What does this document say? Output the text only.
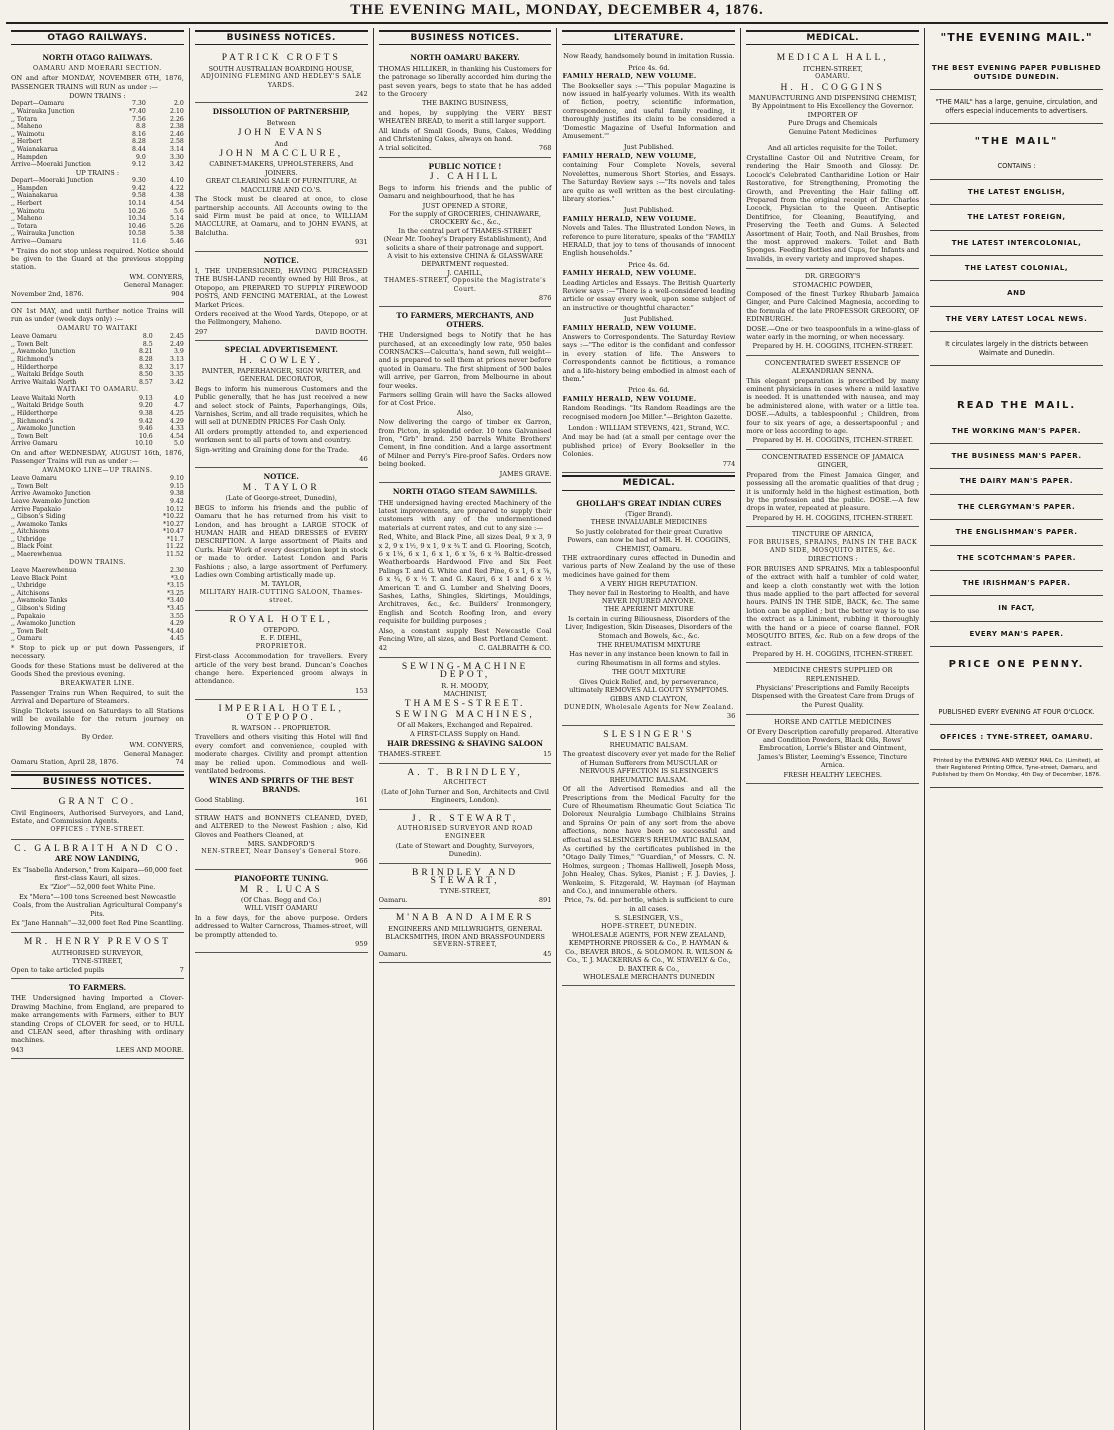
THE EVENING MAIL, MONDAY, DECEMBER 4, 1876.
OTAGO RAILWAYS.
NORTH OTAGO RAILWAYS.
OAMARU AND MOERARI SECTION.

ON and after MONDAY, NOVEMBER 6TH, 1876, PASSENGER TRAINS will RUN as under :—

DOWN TRAINS :
Depart—Oamaru	7.30	2.0
,, Wairauka Junction	*7.40	2.10
,, Totara	7.56	2.26
,, Maheno	8.8	2.38
,, Waimotu	8.16	2.46
,, Herbert	8.28	2.58
,, Waianakarua	8.44	3.14
,, Hampden	9.0	3.30
Arrive—Moeraki Junction	9.12	3.42
UP TRAINS :
Depart—Moeraki Junction	9.30	4.10
,, Hampden	9.42	4.22
,, Waianakarua	9.58	4.38
,, Herbert	10.14	4.54
,, Waimotu	10.26	5.6
,, Maheno	10.34	5.14
,, Totara	10.46	5.26
,, Wairauka Junction	10.58	5.38
Arrive—Oamaru	11.6	5.46

* Trains do not stop unless required. Notice should be given to the Guard at the previous stopping station.

WM. CONYERS,
General Manager.
November 2nd, 1876.	904

ON 1st MAY, and until further notice Trains will run as under (week days only) :—

OAMARU TO WAITAKI
Leave Oamaru	8.0	2.45
,, Town Belt	8.5	2.49
,, Awamoko Junction	8.21	3.9
,, Richmond's	8.28	3.13
,, Hilderthorpe	8.32	3.17
,, Waitaki Bridge South	8.50	3.35
Arrive Waitaki North	8.57	3.42
WAITAKI TO OAMARU.
Leave Waitaki North	9.13	4.0
,, Waitaki Bridge South	9.20	4.7
,, Hilderthorpe	9.38	4.25
,, Richmond's	9.42	4.29
,, Awamoko Junction	9.46	4.33
,, Town Belt	10.6	4.54
Arrive Oamaru	10.10	5.0

On and after WEDNESDAY, AUGUST 16th, 1876, Passenger Trains will run as under :—

AWAMOKO LINE—UP TRAINS.
Leave Oamaru	9.10
,, Town Belt	9.15
Arrive Awamoko Junction	9.38
Leave Awamoko Junction	9.42
Arrive Papakaio	10.12
,, Gibson's Siding	*10.22
,, Awamoko Tanks	*10.27
,, Aitchisons	*10.47
,, Uxbridge	*11.7
,, Black Point	11.22
,, Maerewhenua	11.52
DOWN TRAINS.
Leave Maerewhenua	2.30
Leave Black Point	*3.0
,, Uxbridge	*3.15
,, Aitchisons	*3.25
,, Awamoko Tanks	*3.40
,, Gibson's Siding	*3.45
,, Papakaio	3.55
,, Awamoko Junction	4.29
,, Town Belt	*4.40
,, Oamaru	4.45

* Stop to pick up or put down Passengers, if necessary.

Goods for these Stations must be delivered at the Goods Shed the previous evening.

BREAKWATER LINE.

Passenger Trains run When Required, to suit the Arrival and Departure of Steamers.

Single Tickets issued on Saturdays to all Stations will be available for the return journey on following Mondays.

By Order.
WM. CONYERS,
General Manager.
Oamaru Station, April 28, 1876.	74
BUSINESS NOTICES.
GRANT CO.

Civil Engineers, Authorised Surveyors, and Land, Estate, and Commission Agents.

OFFICES : TYNE-STREET.
C. GALBRAITH AND CO.
ARE NOW LANDING,

Ex "Isabella Anderson," from Kaipara—60,000 feet first-class Kauri, all sizes.

Ex "Zior"—52,000 feet White Pine.

Ex "Mera"—100 tons Screened best Newcastle Coals, from the Australian Agricultural Company's Pits.

Ex "Jane Hannah"—32,000 feet Red Pine Scantling.

MR. HENRY PREVOST
AUTHORISED SURVEYOR,
TYNE-STREET,
Open to take articled pupils	7
TO FARMERS.

THE Undersigned having Imported a Clover-Drawing Machine, from England, are prepared to make arrangements with Farmers, either to BUY standing Crops of CLOVER for seed, or to HULL and CLEAN seed, after thrashing with ordinary machines.

943	LEES AND MOORE.
BUSINESS NOTICES.
PATRICK CROFTS
SOUTH AUSTRALIAN BOARDING HOUSE,
ADJOINING FLEMING AND HEDLEY'S SALE YARDS.
242
DISSOLUTION OF PARTNERSHIP,
Between
JOHN EVANS
And
JOHN MACCLURE,
CABINET-MAKERS, UPHOLSTERERS, And JOINERS.
GREAT CLEARING SALE Of FURNITURE, At MACCLURE AND CO.'S.

The Stock must be cleared at once, to close partnership accounts. All Accounts owing to the said Firm must be paid at once, to WILLIAM MACCLURE, at Oamaru, and to JOHN EVANS, at Balclutha.

931
NOTICE.

I, THE UNDERSIGNED, HAVING PURCHASED THE BUSH-LAND recently owned by Hill Bros., at Otepopo, am PREPARED TO SUPPLY FIREWOOD POSTS, AND FENCING MATERIAL, at the Lowest Market Prices.

Orders received at the Wood Yards, Otepopo, or at the Fellmongery, Maheno.

297	DAVID BOOTH.
SPECIAL ADVERTISEMENT.
H. COWLEY.
PAINTER, PAPERHANGER, SIGN WRITER, and GENERAL DECORATOR,

Begs to inform his numerous Customers and the Public generally, that he has just received a new and select stock of Paints, Paperhangings, Oils, Varnishes, Scrim, and all trade requisites, which he will sell at DUNEDIN PRICES For Cash Only.

All orders promptly attended to, and experienced workmen sent to all parts of town and country.

Sign-writing and Graining done for the Trade.

46
NOTICE.
M. TAYLOR
(Late of George-street, Dunedin),

BEGS to inform his friends and the public of Oamaru that he has returned from his visit to London, and has brought a LARGE STOCK of HUMAN HAIR and HEAD DRESSES of EVERY DESCRIPTION. A large assortment of Plaits and Curls. Hair Work of every description kept in stock or made to order. Latest London and Paris Fashions ; also, a large assortment of Perfumery. Ladies own Combing artistically made up.

M. TAYLOR,
MILITARY HAIR-CUTTING SALOON, Thames-street.
ROYAL HOTEL,
OTEPOPO.
E. F. DIEHL,
PROPRIETOR.

First-class Accommodation for travellers. Every article of the very best brand. Duncan's Coaches change here. Experienced groom always in attendance.

153
IMPERIAL HOTEL, OTEPOPO.
R. WATSON - - PROPRIETOR.

Travellers and others visiting this Hotel will find every comfort and convenience, coupled with moderate charges. Civility and prompt attention may be relied upon. Commodious and well-ventilated bedrooms.

WINES AND SPIRITS OF THE BEST BRANDS.
Good Stabling.	161

STRAW HATS and BONNETS CLEANED, DYED, and ALTERED to the Newest Fashion ; also, Kid Gloves and Feathers Cleaned, at

MRS. SANDFORD'S
NEN-STREET, Near Dansey's General Store.
966
PIANOFORTE TUNING.
M R. LUCAS
(Of Chas. Begg and Co.)
WILL VISIT OAMARU

In a few days, for the above purpose. Orders addressed to Walter Carncross, Thames-street, will be promptly attended to.

959
BUSINESS NOTICES.
NORTH OAMARU BAKERY.

THOMAS HILLIKER, in thanking his Customers for the patronage so liberally accorded him during the past seven years, begs to state that he has added to the Grocery

THE BAKING BUSINESS,

and hopes, by supplying the VERY BEST WHEATEN BREAD, to merit a still larger support.

All kinds of Small Goods, Buns, Cakes, Wedding and Christening Cakes, always on hand.

A trial solicited.	768
PUBLIC NOTICE !
J. CAHILL

Begs to inform his friends and the public of Oamaru and neighbourhood, that he has

JUST OPENED A STORE,
For the supply of GROCERIES, CHINAWARE, CROCKERY &c., &c.,
In the central part of THAMES-STREET
(Near Mr. Toohey's Drapery Establishment), And solicits a share of their patronage and support.
A visit to his extensive CHINA & GLASSWARE DEPARTMENT requested.
J. CAHILL,
THAMES-STREET, Opposite the Magistrate's Court.
876
TO FARMERS, MERCHANTS, AND OTHERS.

THE Undersigned begs to Notify that he has purchased, at an exceedingly low rate, 950 bales CORNSACKS—Calcutta's, hand sewn, full weight—and is prepared to sell them at prices never before quoted in Oamaru. The first shipment of 500 bales will arrive, per Garron, from Melbourne in about four weeks.

Farmers selling Grain will have the Sacks allowed for at Cost Price.

Also,

Now delivering the cargo of timber ex Garron, from Picton, in splendid order. 10 tons Galvanised Iron, "Grb" brand. 250 barrels White Brothers' Cement, in fine condition. And a large assortment of Milner and Perry's Fire-proof Safes. Orders now being booked.

JAMES GRAVE.
NORTH OTAGO STEAM SAWMILLS.

THE undersigned having erected Machinery of the latest improvements, are prepared to supply their customers with any of the undermentioned materials at current rates, and cut to any size :—

Red, White, and Black Pine, all sizes Deal, 9 x 3, 9 x 2, 9 x 1½, 9 x 1, 9 x ¾ T. and G. Flooring, Scotch, 6 x 1⅛, 6 x 1, 6 x 1, 6 x ⅞, 6 x ¾ Baltic-dressed Weatherboards Hardwood Five and Six Feet Palings T. and G. White and Red Pine, 6 x 1, 6 x ⅞, 6 x ¾, 6 x ½ T. and G. Kauri, 6 x 1 and 6 x ½ American T. and G. Lumber and Shelving Doors, Sashes, Laths, Shingles, Skirtings, Mouldings, Architraves, &c., &c. Builders' Ironmongery, English and Scotch Roofing Iron, and every requisite for building purposes ;

Also, a constant supply Best Newcastle Coal Fencing Wire, all sizes, and Best Portland Cement.

42	C. GALBRAITH & CO.
SEWING-MACHINE DEPOT,
R. H. MOODY,
MACHINIST,
THAMES-STREET.
SEWING MACHINES,
Of all Makers, Exchanged and Repaired.
A FIRST-CLASS Supply on Hand.
HAIR DRESSING & SHAVING SALOON
THAMES-STREET.	15
A. T. BRINDLEY,
ARCHITECT
(Late of John Turner and Son, Architects and Civil Engineers, London).
J. R. STEWART,
AUTHORISED SURVEYOR AND ROAD ENGINEER
(Late of Stewart and Doughty, Surveyors, Dunedin).
BRINDLEY AND STEWART,
TYNE-STREET,
Oamaru.	891
M'NAB AND AIMERS
ENGINEERS AND MILLWRIGHTS, GENERAL BLACKSMITHS, IRON AND BRASSFOUNDERS
SEVERN-STREET,
Oamaru.	45
LITERATURE.
Now Ready, handsomely bound in imitation Russia.
Price 4s. 6d.
FAMILY HERALD, NEW VOLUME.

The Bookseller says :—"This popular Magazine is now issued in half-yearly volumes. With its wealth of fiction, poetry, scientific information, correspondence, and useful family reading, it thoroughly justifies its claim to be considered a 'Domestic Magazine of Useful Information and Amusement.'"

Just Published.
FAMILY HERALD, NEW VOLUME,

containing Four Complete Novels, several Novelettes, numerous Short Stories, and Essays. The Saturday Review says :—"Its novels and tales are quite as well written as the best circulating-library stories."

Just Published.
FAMILY HERALD, NEW VOLUME.

Novels and Tales. The Illustrated London News, in reference to pure literature, speaks of the "FAMILY HERALD, that joy to tens of thousands of innocent English households."

Price 4s. 6d.
FAMILY HERALD, NEW VOLUME.

Leading Articles and Essays. The British Quarterly Review says :—"There is a well-considered leading article or essay every week, upon some subject of an instructive or thoughtful character."

Just Published.
FAMILY HERALD, NEW VOLUME.

Answers to Correspondents. The Saturday Review says :—"The editor is the confidant and confessor in every station of life. The Answers to Correspondents cannot be fictitious, a romance and a life-history being embodied in almost each of them."

Price 4s. 6d.
FAMILY HERALD, NEW VOLUME.

Random Readings. "Its Random Readings are the recognised modern Joe Miller."—Brighton Gazette.

London : WILLIAM STEVENS, 421, Strand, W.C.

And may be had (at a small per centage over the published price) of Every Bookseller in the Colonies.

774
MEDICAL.
GHOLLAH'S GREAT INDIAN CURES
(Tiger Brand).
THESE INVALUABLE MEDICINES

So justly celebrated for their great Curative Powers, can now be had of MR. H. H. COGGINS, CHEMIST, Oamaru.

THE extraordinary cures effected in Dunedin and various parts of New Zealand by the use of these medicines have gained for them

A VERY HIGH REPUTATION.
They never fail in Restoring to Health, and have NEVER INJURED ANYONE.
THE APERIENT MIXTURE

Is certain in curing Biliousness, Disorders of the Liver, Indigestion, Skin Diseases, Disorders of the Stomach and Bowels, &c., &c.

THE RHEUMATISM MIXTURE

Has never in any instance been known to fail in curing Rheumatism in all forms and styles.

THE GOUT MIXTURE

Gives Quick Relief, and, by perseverance, ultimately REMOVES ALL GOUTY SYMPTOMS.

GIBBS AND CLAYTON,
DUNEDIN, Wholesale Agents for New Zealand.
36
SLESINGER'S
RHEUMATIC BALSAM.

The greatest discovery ever yet made for the Relief of Human Sufferers from MUSCULAR or NERVOUS AFFECTION IS SLESINGER'S RHEUMATIC BALSAM.

Of all the Advertised Remedies and all the Prescriptions from the Medical Faculty for the Cure of Rheumatism Rheumatic Gout Sciatica Tic Doloreux Neuralgia Lumbago Chilblains Strains and Sprains Or pain of any sort from the above affections, none have been so successful and effectual as SLESINGER'S RHEUMATIC BALSAM,

As certified by the certificates published in the "Otago Daily Times," "Guardian," of Messrs. C. N. Holmes, surgeon ; Thomas Halliwell, Joseph Moss, John Healey, Chas. Sykes, Pianist ; F. J. Davies, J. Wenkeim, S. Fitzgerald, W. Hayman (of Hayman and Co.), and innumerable others.

Price, 7s. 6d. per bottle, which is sufficient to cure in all cases.

S. SLESINGER, V.S.,
HOPE-STREET, DUNEDIN.
WHOLESALE AGENTS, FOR NEW ZEALAND,
KEMPTHORNE PROSSER & Co., P. HAYMAN & Co., BEAVER BROS., & SOLOMON. R. WILSON & Co., T. J. MACKERRAS & Co., W. STAVELY & Co., D. BAXTER & Co.,
WHOLESALE MERCHANTS DUNEDIN
MEDICAL.
MEDICAL HALL,
ITCHEN-STREET,
OAMARU.
H. H. COGGINS
MANUFACTURING AND DISPENSING CHEMIST,
By Appointment to His Excellency the Governor.
IMPORTER OF
Pure Drugs and Chemicals
Genuine Patent Medicines
Perfumery
And all articles requisite for the Toilet.

Crystalline Castor Oil and Nutritive Cream, for rendering the Hair Smooth and Glossy. Dr. Locock's Celebrated Cantharidine Lotion or Hair Restorative, for Strengthening, Promoting the Growth, and Preventing the Hair falling off. Prepared from the original receipt of Dr. Charles Locock, Physician to the Queen. Antiseptic Dentifrice, for Cleaning, Beautifying, and Preserving the Teeth and Gums. A Selected Assortment of Hair, Tooth, and Nail Brushes, from the most approved makers. Toilet and Bath Sponges. Feeding Bottles and Cups, for Infants and Invalids, in every variety and improved shapes.

DR. GREGORY'S
STOMACHIC POWDER,

Composed of the finest Turkey Rhubarb Jamaica Ginger, and Pure Calcined Magnesia, according to the formula of the late PROFESSOR GREGORY, OF EDINBURGH.

DOSE.—One or two teaspoonfuls in a wine-glass of water early in the morning, or when necessary.

Prepared by H. H. COGGINS, ITCHEN-STREET.
CONCENTRATED SWEET ESSENCE OF ALEXANDRIAN SENNA.

This elegant preparation is prescribed by many eminent physicians in cases where a mild laxative is needed. It is unattended with nausea, and may be administered alone, with water or a little tea. DOSE.—Adults, a tablespoonful ; Children, from four to six years of age, a dessertspoonful ; and more or less according to age.

Prepared by H. H. COGGINS, ITCHEN-STREET.
CONCENTRATED ESSENCE OF JAMAICA GINGER,

Prepared from the Finest Jamaica Ginger, and possessing all the aromatic qualities of that drug ; it is uniformly held in the highest estimation, both by the profession and the public. DOSE.—A few drops in water, repeated at pleasure.

Prepared by H. H. COGGINS, ITCHEN-STREET.
TINCTURE OF ARNICA,
FOR BRUISES, SPRAINS, PAINS IN THE BACK AND SIDE, MOSQUITO BITES, &c.
DIRECTIONS :

FOR BRUISES AND SPRAINS. Mix a tablespoonful of the extract with half a tumbler of cold water, and keep a cloth constantly wet with the lotion thus made applied to the part affected for several hours. PAINS IN THE SIDE, BACK, &c. The same lotion can be applied ; but the better way is to use the extract as a Liniment, rubbing it thoroughly with the hand or a piece of coarse flannel. FOR MOSQUITO BITES, &c. Rub on a few drops of the extract.

Prepared by H. H. COGGINS, ITCHEN-STREET.
MEDICINE CHESTS SUPPLIED OR REPLENISHED.

Physicians' Prescriptions and Family Receipts Dispensed with the Greatest Care from Drugs of the Purest Quality.

HORSE AND CATTLE MEDICINES

Of Every Description carefully prepared. Alterative and Condition Powders, Black Oils, Rows' Embrocation, Lorrie's Blister and Ointment, James's Blister, Leeming's Essence, Tincture Arnica.

FRESH HEALTHY LEECHES.
"THE EVENING MAIL."
THE BEST EVENING PAPER PUBLISHED OUTSIDE DUNEDIN.
"THE MAIL" has a large, genuine, circulation, and offers especial inducements to advertisers.
"THE MAIL"
CONTAINS :
THE LATEST ENGLISH,
THE LATEST FOREIGN,
THE LATEST INTERCOLONIAL,
THE LATEST COLONIAL,
AND
THE VERY LATEST LOCAL NEWS.
It circulates largely in the districts between Waimate and Dunedin.
READ THE MAIL.
THE WORKING MAN'S PAPER.
THE BUSINESS MAN'S PAPER.
THE DAIRY MAN'S PAPER.
THE CLERGYMAN'S PAPER.
THE ENGLISHMAN'S PAPER.
THE SCOTCHMAN'S PAPER.
THE IRISHMAN'S PAPER.
IN FACT,
EVERY MAN'S PAPER.
PRICE ONE PENNY.
PUBLISHED EVERY EVENING AT FOUR O'CLOCK.
OFFICES : TYNE-STREET, OAMARU.
Printed by the EVENING AND WEEKLY MAIL Co. (Limited), at their Registered Printing Office, Tyne-street, Oamaru, and Published by them On Monday, 4th Day of December, 1876.
